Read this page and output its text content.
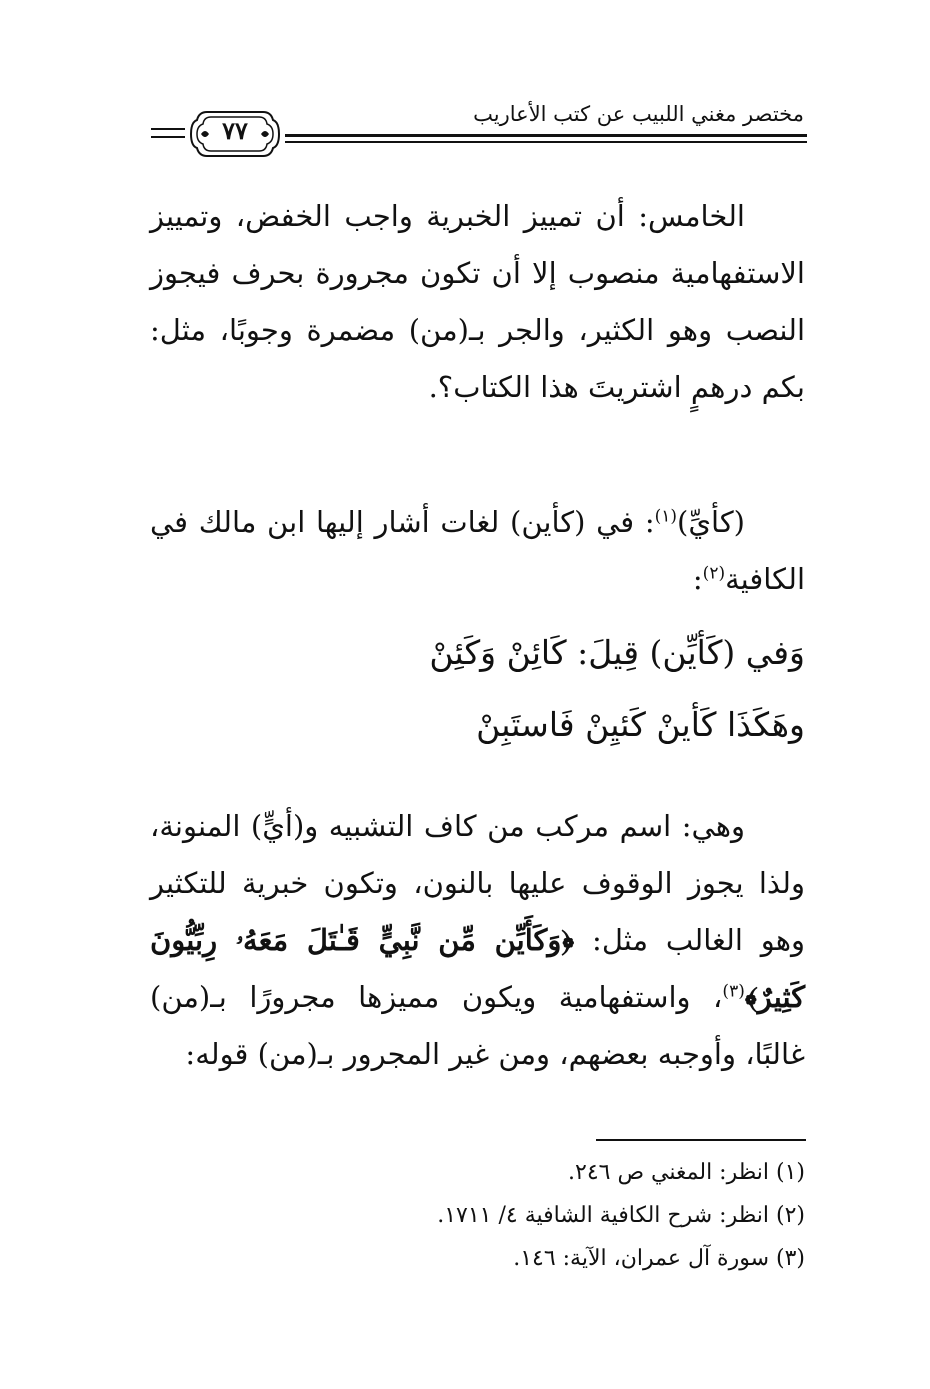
مختصر مغني اللبيب عن كتب الأعاريب
٧٧
الخامس: أن تمييز الخبرية واجب الخفض، وتمييز الاستفهامية منصوب إلا أن تكون مجرورة بحرف فيجوز النصب وهو الكثير، والجر بـ(من) مضمرة وجوبًا، مثل: بكم درهمٍ اشتريتَ هذا الكتاب؟.
(كأيِّ)$^{(١)}$: في (كأين) لغات أشار إليها ابن مالك في الكافية$^{(٢)}$:
وَفي (كَأيِّن) قِيلَ: كَائِنْ وَكَئِنْ
وهَكَذَا كَأينْ كَئيِنْ فَاستَبِنْ
وهي: اسم مركب من كاف التشبيه و(أيٍّ) المنونة، ولذا يجوز الوقوف عليها بالنون، وتكون خبرية للتكثير وهو الغالب مثل: ﴿وَكَأَيِّن مِّن نَّبِيٍّ قَـٰتَلَ مَعَهُۥ رِبِّيُّونَ كَثِيرٌ﴾$^{(٣)}$، واستفهامية ويكون مميزها مجرورًا بـ(من) غالبًا، وأوجبه بعضهم، ومن غير المجرور بـ(من) قوله:
(١) انظر: المغني ص ٢٤٦.
(٢) انظر: شرح الكافية الشافية ٤/ ١٧١١.
(٣) سورة آل عمران، الآية: ١٤٦.
